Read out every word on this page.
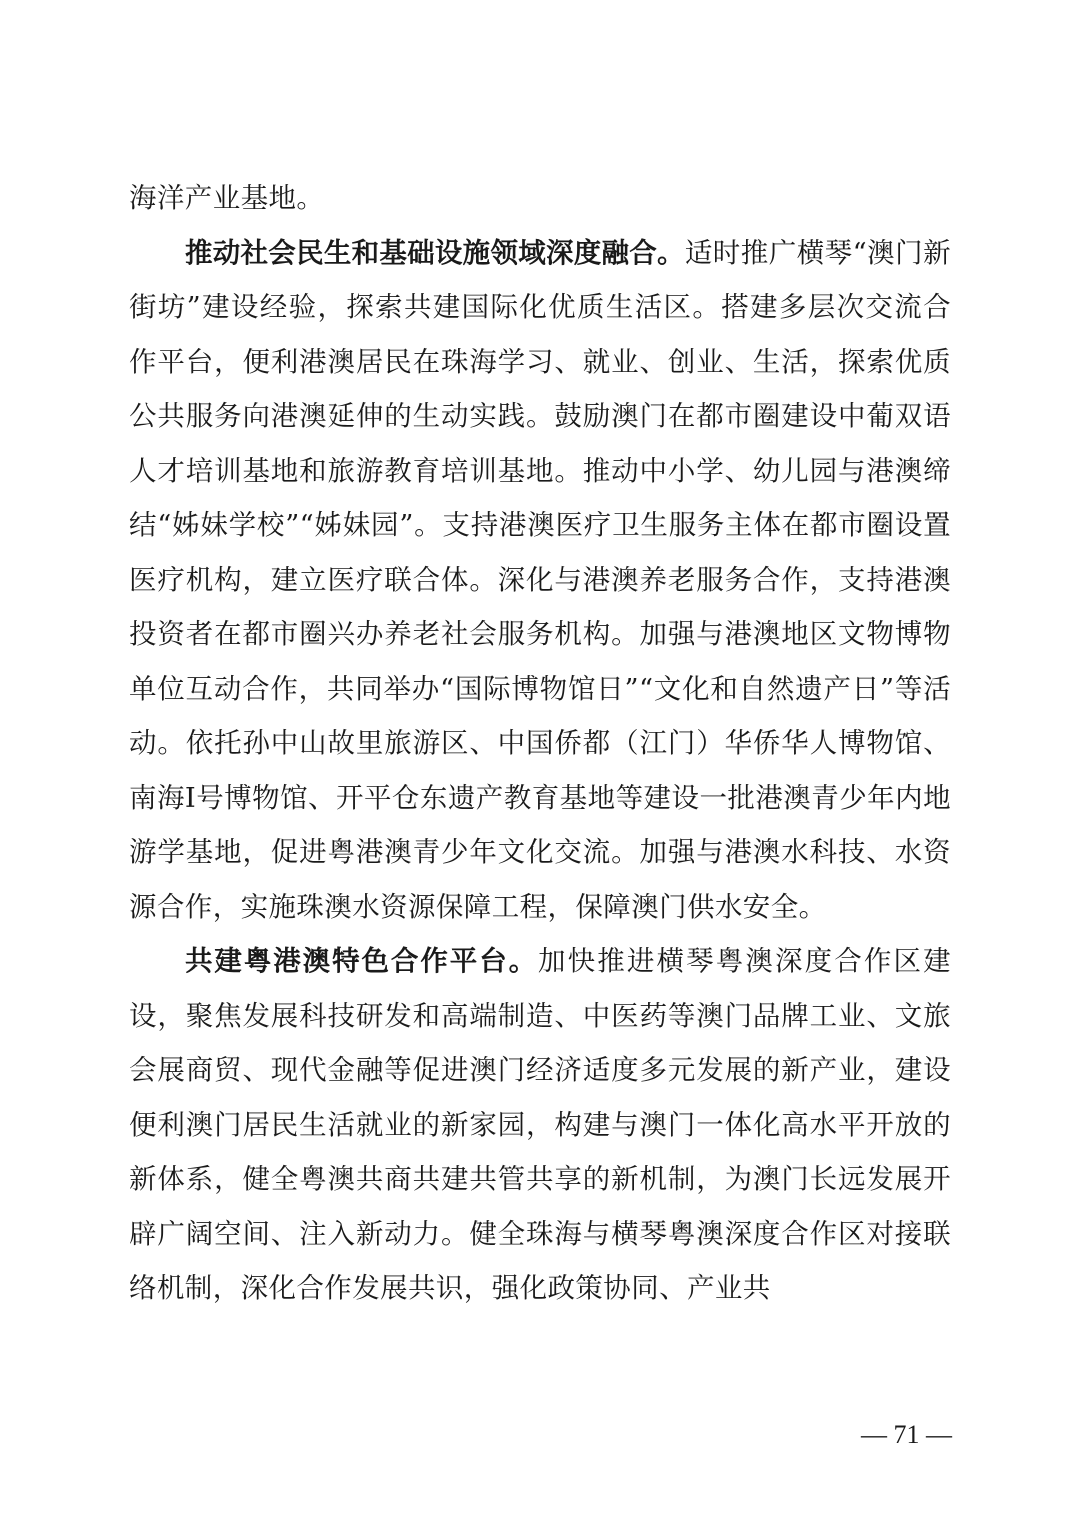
海洋产业基地。

推动社会民生和基础设施领域深度融合。适时推广横琴“澳门新街坊”建设经验，探索共建国际化优质生活区。搭建多层次交流合作平台，便利港澳居民在珠海学习、就业、创业、生活，探索优质公共服务向港澳延伸的生动实践。鼓励澳门在都市圈建设中葡双语人才培训基地和旅游教育培训基地。推动中小学、幼儿园与港澳缔结“姊妹学校”“姊妹园”。支持港澳医疗卫生服务主体在都市圈设置医疗机构，建立医疗联合体。深化与港澳养老服务合作，支持港澳投资者在都市圈兴办养老社会服务机构。加强与港澳地区文物博物单位互动合作，共同举办“国际博物馆日”“文化和自然遗产日”等活动。依托孙中山故里旅游区、中国侨都（江门）华侨华人博物馆、南海Ⅰ号博物馆、开平仓东遗产教育基地等建设一批港澳青少年内地游学基地，促进粤港澳青少年文化交流。加强与港澳水科技、水资源合作，实施珠澳水资源保障工程，保障澳门供水安全。

共建粤港澳特色合作平台。加快推进横琴粤澳深度合作区建设，聚焦发展科技研发和高端制造、中医药等澳门品牌工业、文旅会展商贸、现代金融等促进澳门经济适度多元发展的新产业，建设便利澳门居民生活就业的新家园，构建与澳门一体化高水平开放的新体系，健全粤澳共商共建共管共享的新机制，为澳门长远发展开辟广阔空间、注入新动力。健全珠海与横琴粤澳深度合作区对接联络机制，深化合作发展共识，强化政策协同、产业共

— 71 —
